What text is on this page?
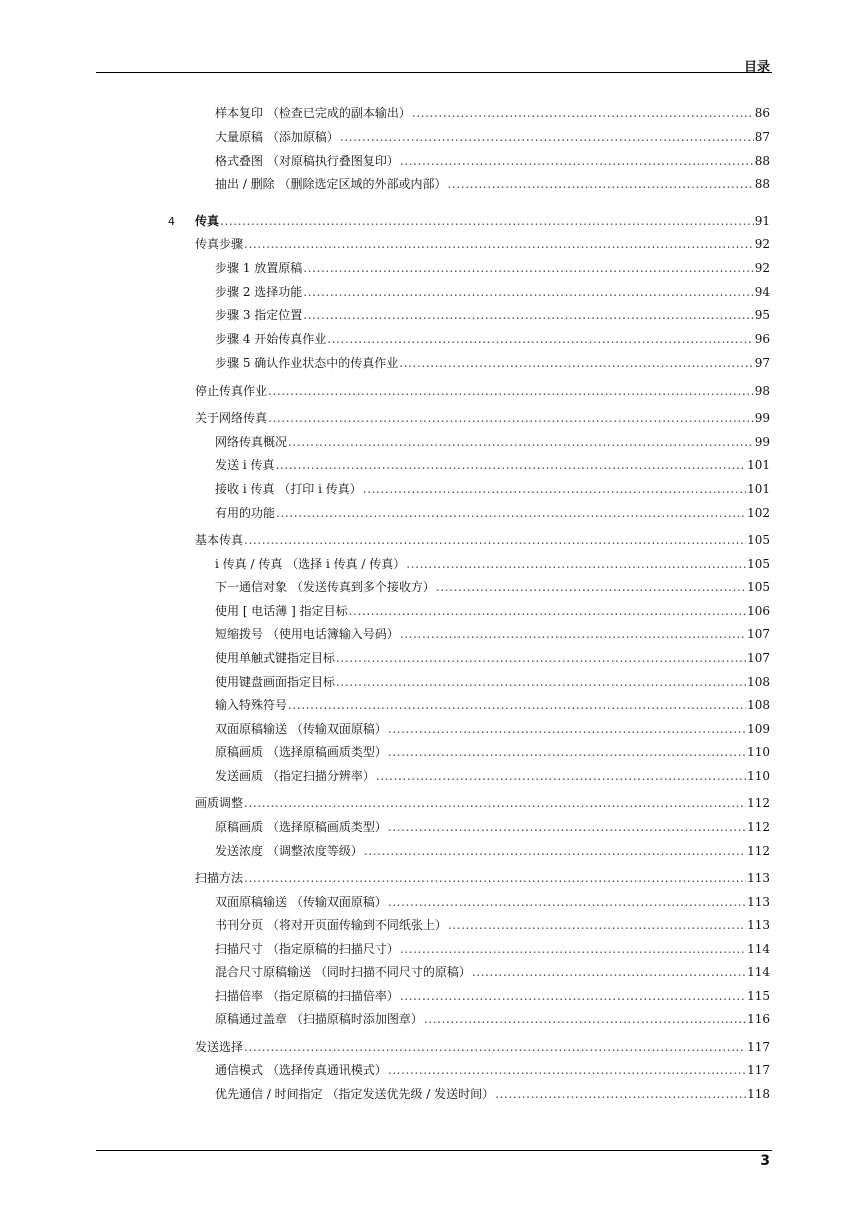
目录
样本复印 （检查已完成的副本输出） . . .	86
大量原稿 （添加原稿） . . .	87
格式叠图 （对原稿执行叠图复印） . . .	88
抽出 / 删除 （删除选定区域的外部或内部） . . .	88
4 传真 . . .	91
传真步骤 . . .	92
步骤 1 放置原稿 . . .	92
步骤 2 选择功能 . . .	94
步骤 3 指定位置 . . .	95
步骤 4 开始传真作业 . . .	96
步骤 5 确认作业状态中的传真作业 . . .	97
停止传真作业 . . .	98
关于网络传真 . . .	99
网络传真概况 . . .	99
发送 i 传真 . . .	101
接收 i 传真 （打印 i 传真） . . .	101
有用的功能 . . .	102
基本传真 . . .	105
i 传真 / 传真 （选择 i 传真 / 传真） . . .	105
下一通信对象 （发送传真到多个接收方） . . .	105
使用 [ 电话薄 ] 指定目标 . . .	106
短缩拨号 （使用电话簿输入号码） . . .	107
使用单触式键指定目标 . . .	107
使用键盘画面指定目标 . . .	108
输入特殊符号 . . .	108
双面原稿输送 （传输双面原稿） . . .	109
原稿画质 （选择原稿画质类型） . . .	110
发送画质 （指定扫描分辨率） . . .	110
画质调整 . . .	112
原稿画质 （选择原稿画质类型） . . .	112
发送浓度 （调整浓度等级） . . .	112
扫描方法 . . .	113
双面原稿输送 （传输双面原稿） . . .	113
书刊分页 （将对开页面传输到不同纸张上） . . .	113
扫描尺寸 （指定原稿的扫描尺寸） . . .	114
混合尺寸原稿输送 （同时扫描不同尺寸的原稿） . . .	114
扫描倍率 （指定原稿的扫描倍率） . . .	115
原稿通过盖章 （扫描原稿时添加图章） . . .	116
发送选择 . . .	117
通信模式 （选择传真通讯模式） . . .	117
优先通信 / 时间指定 （指定发送优先级 / 发送时间） . . .	118
3
